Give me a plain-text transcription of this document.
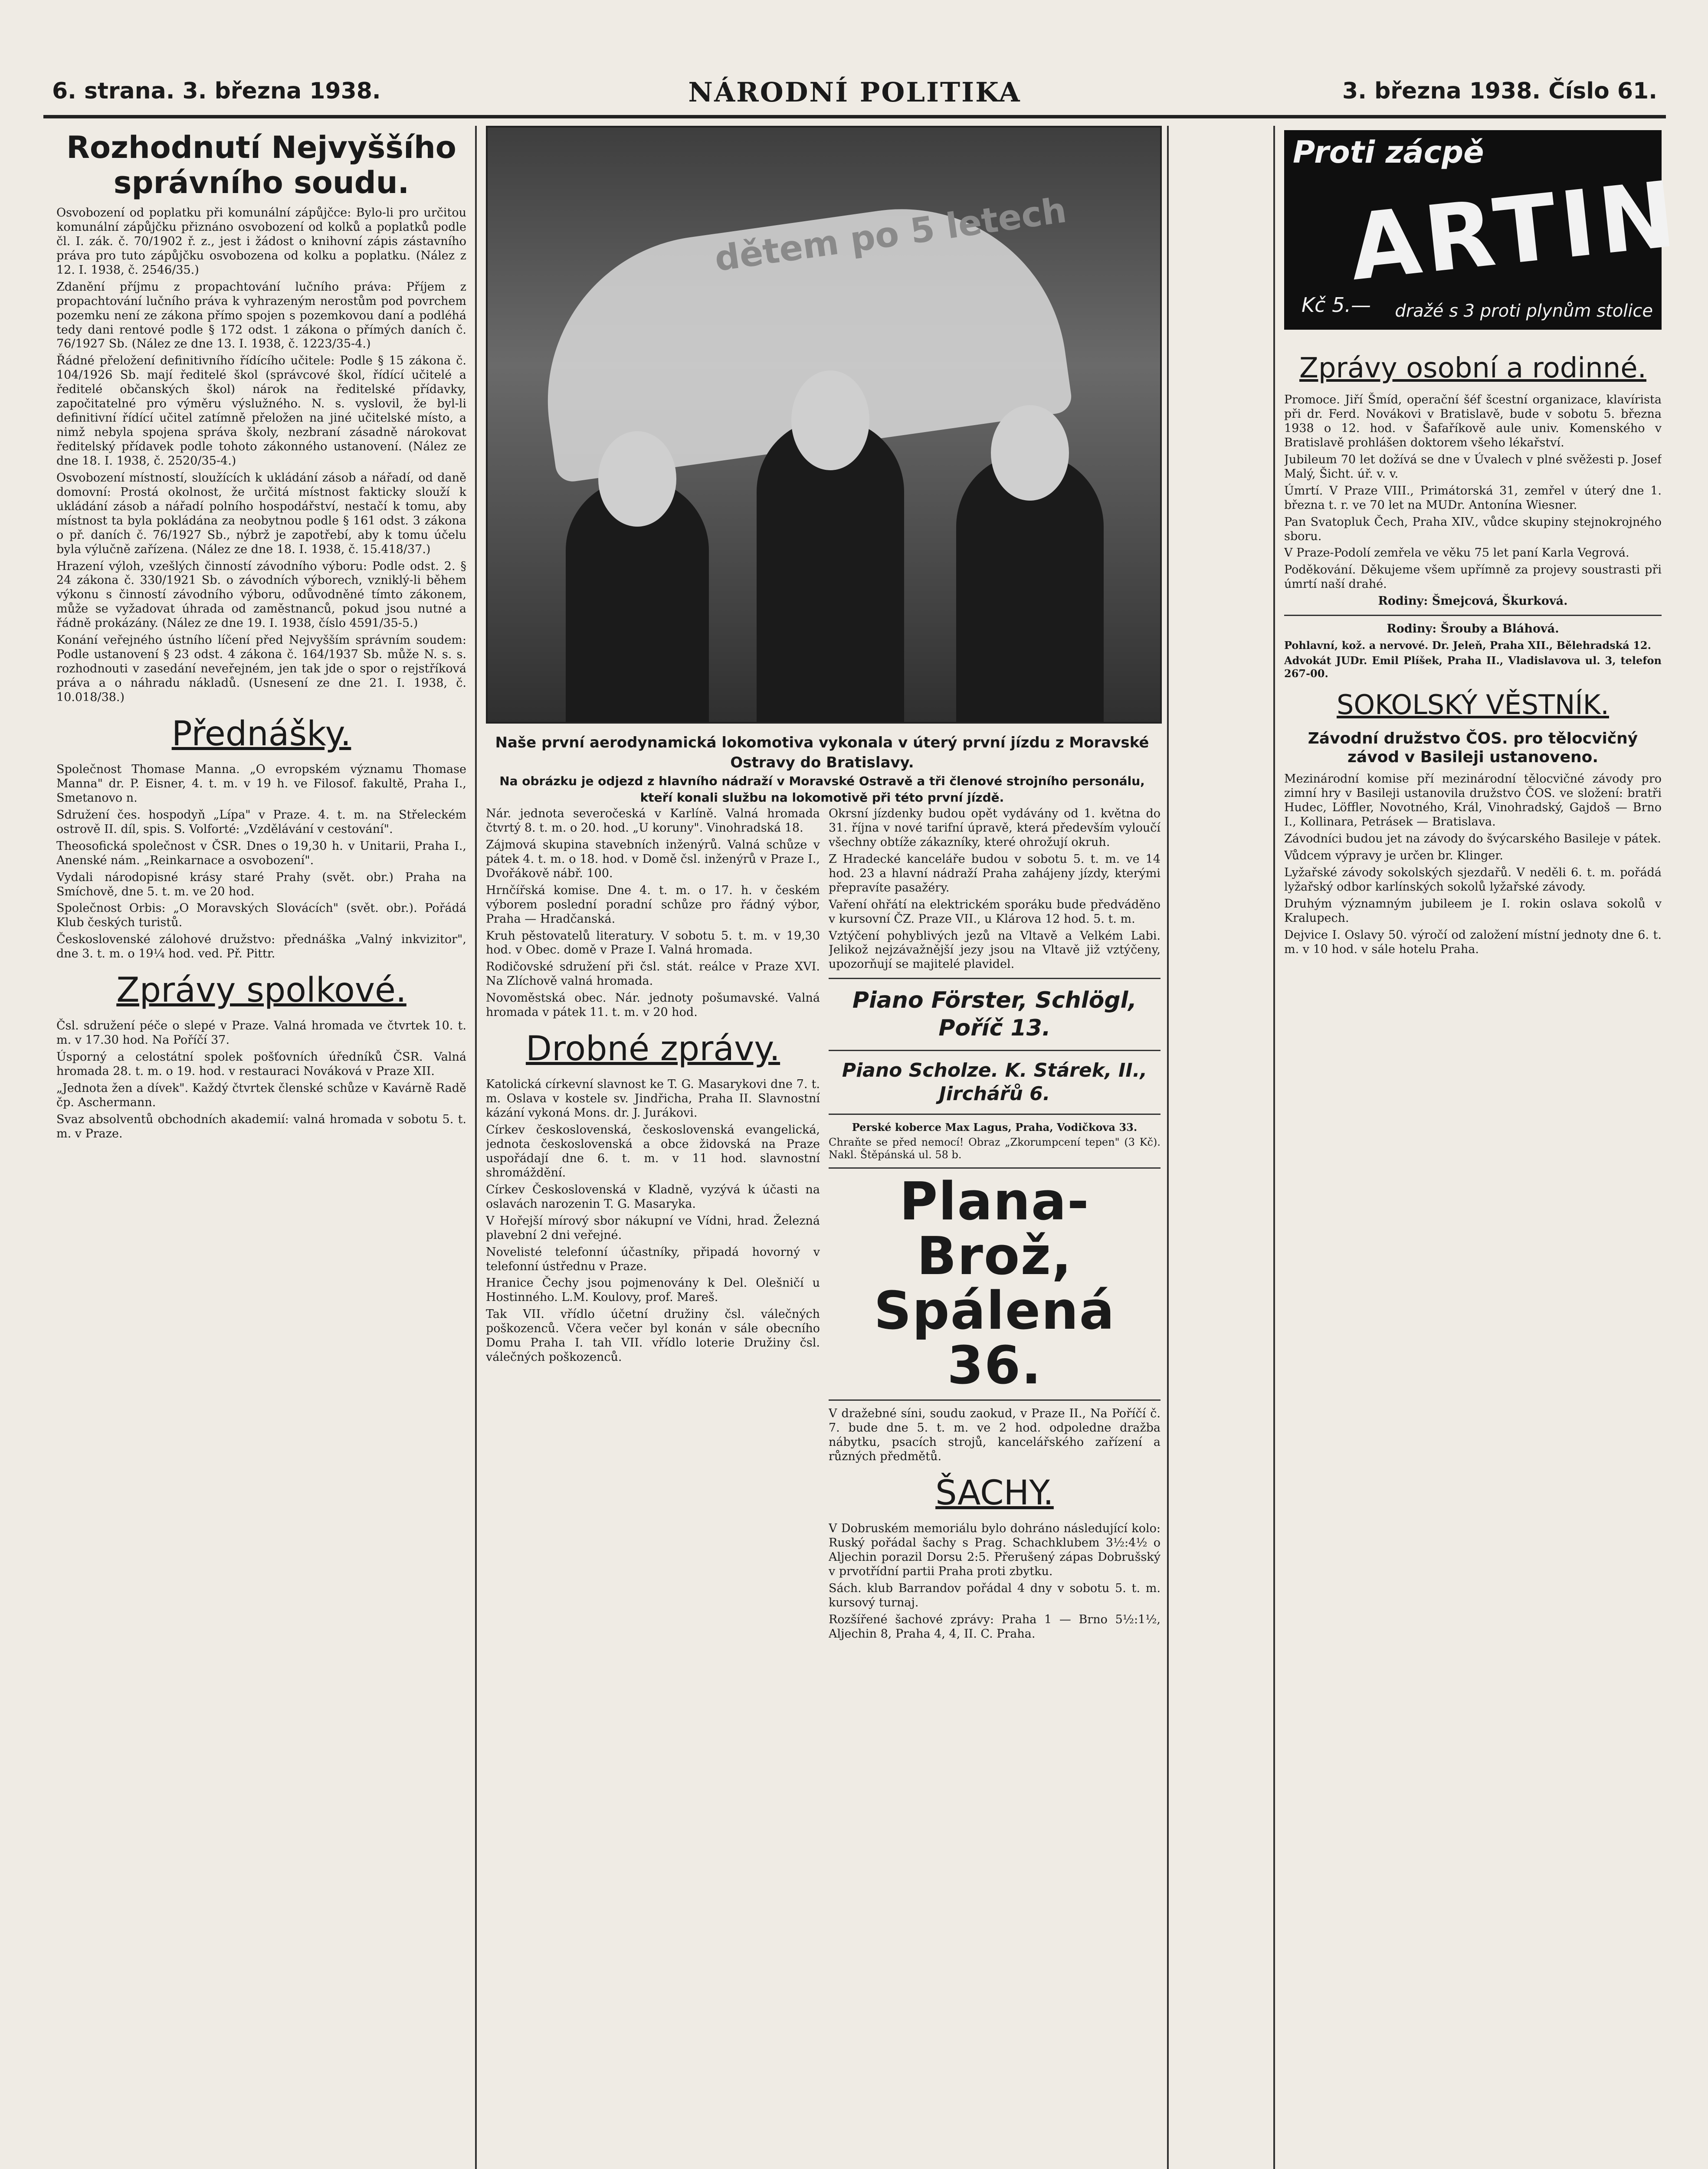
6. strana. 3. března 1938.	NÁRODNÍ POLITIKA	3. března 1938. Číslo 61.
Rozhodnutí Nejvyššího správního soudu.

Osvobození od poplatku při komunální zápůjčce: Bylo-li pro určitou komunální zápůjčku přiznáno osvobození od kolků a poplatků podle čl. I. zák. č. 70/1902 ř. z., jest i žádost o knihovní zápis zástavního práva pro tuto zápůjčku osvobozena od kolku a poplatku. (Nález z 12. I. 1938, č. 2546/35.)

Zdanění příjmu z propachtování lučního práva: Příjem z propachtování lučního práva k vyhrazeným nerostům pod povrchem pozemku není ze zákona přímo spojen s pozemkovou daní a podléhá tedy dani rentové podle § 172 odst. 1 zákona o přímých daních č. 76/1927 Sb. (Nález ze dne 13. I. 1938, č. 1223/35-4.)

Řádné přeložení definitivního řídícího učitele: Podle § 15 zákona č. 104/1926 Sb. mají ředitelé škol (správcové škol, řídící učitelé a ředitelé občanských škol) nárok na ředitelské přídavky, započitatelné pro výměru výslužného. N. s. vyslovil, že byl-li definitivní řídící učitel zatímně přeložen na jiné učitelské místo, a nimž nebyla spojena správa školy, nezbraní zásadně nárokovat ředitelský přídavek podle tohoto zákonného ustanovení. (Nález ze dne 18. I. 1938, č. 2520/35-4.)

Osvobození místností, sloužících k ukládání zásob a nářadí, od daně domovní: Prostá okolnost, že určitá místnost fakticky slouží k ukládání zásob a nářadí polního hospodářství, nestačí k tomu, aby místnost ta byla pokládána za neobytnou podle § 161 odst. 3 zákona o př. daních č. 76/1927 Sb., nýbrž je zapotřebí, aby k tomu účelu byla výlučně zařízena. (Nález ze dne 18. I. 1938, č. 15.418/37.)

Hrazení výloh, vzešlých činností závodního výboru: Podle odst. 2. § 24 zákona č. 330/1921 Sb. o závodních výborech, vzniklý-li během výkonu s činností závodního výboru, odůvodněné tímto zákonem, může se vyžadovat úhrada od zaměstnanců, pokud jsou nutné a řádně prokázány. (Nález ze dne 19. I. 1938, číslo 4591/35-5.)

Konání veřejného ústního líčení před Nejvyšším správním soudem: Podle ustanovení § 23 odst. 4 zákona č. 164/1937 Sb. může N. s. s. rozhodnouti v zasedání neveřejném, jen tak jde o spor o rejstříková práva a o náhradu nákladů. (Usnesení ze dne 21. I. 1938, č. 10.018/38.)

Přednášky.

Společnost Thomase Manna. „O evropském významu Thomase Manna" dr. P. Eisner, 4. t. m. v 19 h. ve Filosof. fakultě, Praha I., Smetanovo n.

Sdružení čes. hospodyň „Lípa" v Praze. 4. t. m. na Střeleckém ostrově II. díl, spis. S. Volforté: „Vzdělávání v cestování".

Theosofická společnost v ČSR. Dnes o 19,30 h. v Unitarii, Praha I., Anenské nám. „Reinkarnace a osvobození".

Vydali národopisné krásy staré Prahy (svět. obr.) Praha na Smíchově, dne 5. t. m. ve 20 hod.

Společnost Orbis: „O Moravských Slovácích" (svět. obr.). Pořádá Klub českých turistů.

Československé zálohové družstvo: přednáška „Valný inkvizitor", dne 3. t. m. o 19¼ hod. ved. Př. Pittr.

Zprávy spolkové.

Čsl. sdružení péče o slepé v Praze. Valná hromada ve čtvrtek 10. t. m. v 17.30 hod. Na Poříčí 37.

Úsporný a celostátní spolek pošťovních úředníků ČSR. Valná hromada 28. t. m. o 19. hod. v restauraci Nováková v Praze XII.

„Jednota žen a dívek". Každý čtvrtek členské schůze v Kavárně Radě čp. Aschermann.

Svaz absolventů obchodních akademií: valná hromada v sobotu 5. t. m. v Praze.

dětem po 5 letech
Naše první aerodynamická lokomotiva vykonala v úterý první jízdu z Moravské Ostravy do Bratislavy.
Na obrázku je odjezd z hlavního nádraží v Moravské Ostravě a tři členové strojního personálu, kteří konali službu na lokomotivě při této první jízdě.

Nár. jednota severočeská v Karlíně. Valná hromada čtvrtý 8. t. m. o 20. hod. „U koruny". Vinohradská 18.

Zájmová skupina stavebních inženýrů. Valná schůze v pátek 4. t. m. o 18. hod. v Domě čsl. inženýrů v Praze I., Dvořákově nábř. 100.

Hrnčířská komise. Dne 4. t. m. o 17. h. v českém výborem poslední poradní schůze pro řádný výbor, Praha — Hradčanská.

Kruh pěstovatelů literatury. V sobotu 5. t. m. v 19,30 hod. v Obec. domě v Praze I. Valná hromada.

Rodičovské sdružení při čsl. stát. reálce v Praze XVI. Na Zlíchově valná hromada.

Novoměstská obec. Nár. jednoty pošumavské. Valná hromada v pátek 11. t. m. v 20 hod.

Drobné zprávy.

Katolická církevní slavnost ke T. G. Masarykovi dne 7. t. m. Oslava v kostele sv. Jindřicha, Praha II. Slavnostní kázání vykoná Mons. dr. J. Jurákovi.

Církev československá, československá evangelická, jednota československá a obce židovská na Praze uspořádají dne 6. t. m. v 11 hod. slavnostní shromáždění.

Církev Československá v Kladně, vyzývá k účasti na oslavách narozenin T. G. Masaryka.

V Hořejší mírový sbor nákupní ve Vídni, hrad. Železná plavební 2 dni veřejné.

Novelisté telefonní účastníky, připadá hovorný v telefonní ústřednu v Praze.

Hranice Čechy jsou pojmenovány k Del. Olešničí u Hostinného. L.M. Koulovy, prof. Mareš.

Tak VII. vřídlo účetní družiny čsl. válečných poškozenců. Včera večer byl konán v sále obecního Domu Praha I. tah VII. vřídlo loterie Družiny čsl. válečných poškozenců.

Okrsní jízdenky budou opět vydávány od 1. května do 31. října v nové tarifní úpravě, která především vyloučí všechny obtíže zákazníky, které ohrožují okruh.

Z Hradecké kanceláře budou v sobotu 5. t. m. ve 14 hod. 23 a hlavní nádraží Praha zahájeny jízdy, kterými přepravíte pasažéry.

Vaření ohřátí na elektrickém sporáku bude předváděno v kursovní ČZ. Praze VII., u Klárova 12 hod. 5. t. m.

Vztýčení pohyblivých jezů na Vltavě a Velkém Labi. Jelikož nejzávažnější jezy jsou na Vltavě již vztýčeny, upozorňují se majitelé plavidel.

Piano Förster, Schlögl, Poříč 13.
Piano Scholze. K. Stárek, II., Jirchářů 6.

Perské koberce Max Lagus, Praha, Vodičkova 33.

Chraňte se před nemocí! Obraz „Zkorumpcení tepen" (3 Kč). Nakl. Štěpánská ul. 58 b.

Plana-Brož, Spálená 36.

V dražebné síni, soudu zaokud, v Praze II., Na Poříčí č. 7. bude dne 5. t. m. ve 2 hod. odpoledne dražba nábytku, psacích strojů, kancelářského zařízení a různých předmětů.

ŠACHY.

V Dobruském memoriálu bylo dohráno následující kolo: Ruský pořádal šachy s Prag. Schachklubem 3½:4½ o Aljechin porazil Dorsu 2:5. Přerušený zápas Dobrušský v prvotřídní partii Praha proti zbytku.

Sách. klub Barrandov pořádal 4 dny v sobotu 5. t. m. kursový turnaj.

Rozšířené šachové zprávy: Praha 1 — Brno 5½:1½, Aljechin 8, Praha 4, 4, II. C. Praha.

Proti zácpě
ARTIN
Kč 5.— dražé s 3 proti plynům stolice
Zprávy osobní a rodinné.

Promoce. Jiří Šmíd, operační šéf šcestní organizace, klavírista při dr. Ferd. Novákovi v Bratislavě, bude v sobotu 5. března 1938 o 12. hod. v Šafaříkově aule univ. Komenského v Bratislavě prohlášen doktorem všeho lékařství.

Jubileum 70 let dožívá se dne v Úvalech v plné svěžesti p. Josef Malý, Šicht. úř. v. v.

Úmrtí. V Praze VIII., Primátorská 31, zemřel v úterý dne 1. března t. r. ve 70 let na MUDr. Antonína Wiesner.

Pan Svatopluk Čech, Praha XIV., vůdce skupiny stejnokrojného sboru.

V Praze-Podolí zemřela ve věku 75 let paní Karla Vegrová.

Poděkování. Děkujeme všem upřímně za projevy soustrasti při úmrtí naší drahé.

Rodiny: Šmejcová, Škurková.

Rodiny: Šrouby a Bláhová.

Pohlavní, kož. a nervové. Dr. Jeleň, Praha XII., Bělehradská 12.

Advokát JUDr. Emil Plíšek, Praha II., Vladislavova ul. 3, telefon 267-00.

SOKOLSKÝ VĚSTNÍK.
Závodní družstvo ČOS. pro tělocvičný závod v Basileji ustanoveno.

Mezinárodní komise pří mezinárodní tělocvičné závody pro zimní hry v Basileji ustanovila družstvo ČOS. ve složení: bratři Hudec, Löffler, Novotného, Král, Vinohradský, Gajdoš — Brno I., Kollinara, Petrásek — Bratislava.

Závodníci budou jet na závody do švýcarského Basileje v pátek.

Vůdcem výpravy je určen br. Klinger.

Lyžařské závody sokolských sjezdařů. V neděli 6. t. m. pořádá lyžařský odbor karlínských sokolů lyžařské závody.

Druhým významným jubileem je I. rokin oslava sokolů v Kralupech.

Dejvice I. Oslavy 50. výročí od založení místní jednoty dne 6. t. m. v 10 hod. v sále hotelu Praha.
